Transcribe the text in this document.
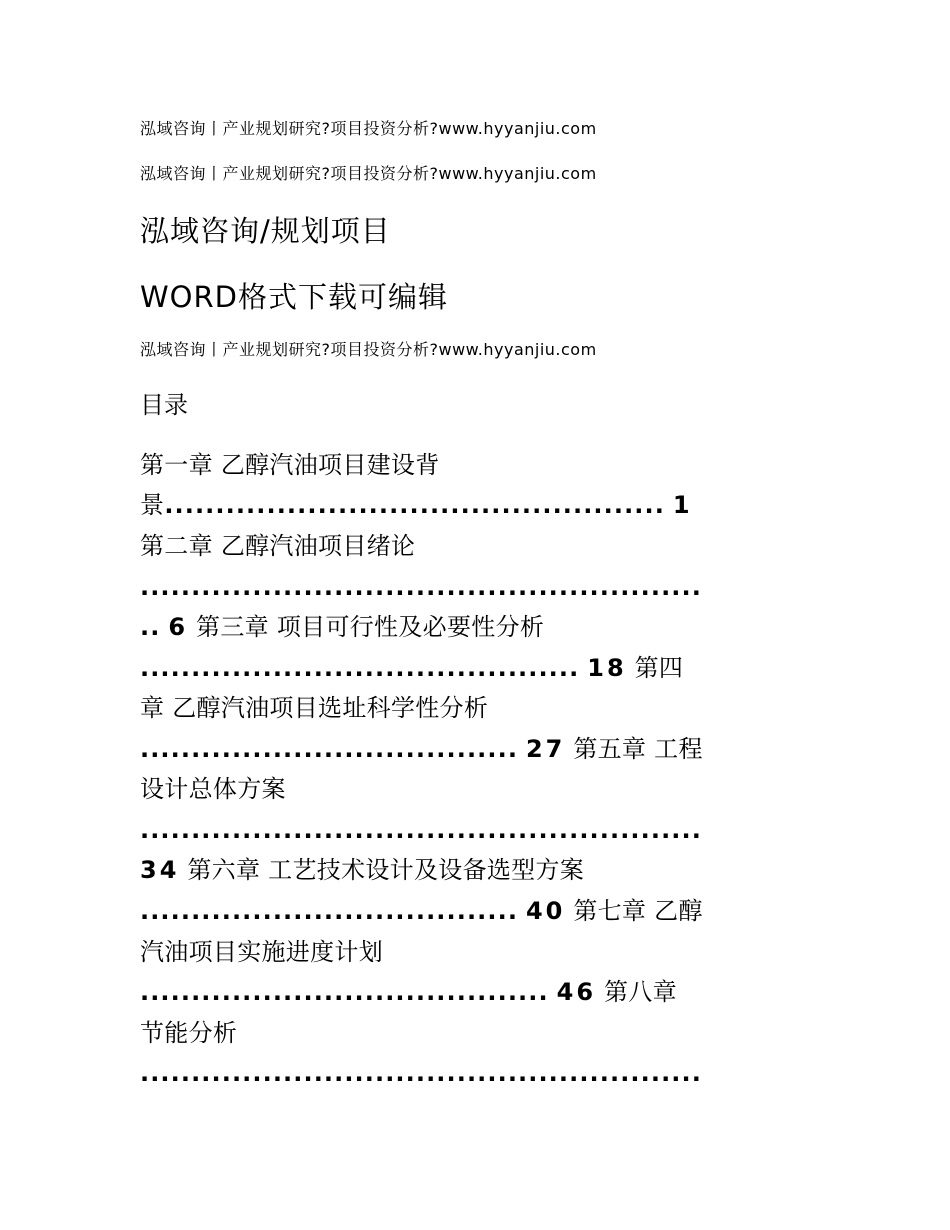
泓域咨询丨产业规划研究?项目投资分析?www.hyyanjiu.com
泓域咨询丨产业规划研究?项目投资分析?www.hyyanjiu.com
泓域咨询/规划项目
WORD格式下载可编辑
泓域咨询丨产业规划研究?项目投资分析?www.hyyanjiu.com
目录
第一章 乙醇汽油项目建设背
景................................................. 1
第二章 乙醇汽油项目绪论
.......................................................
.. 6 第三章 项目可行性及必要性分析
........................................... 18 第四
章 乙醇汽油项目选址科学性分析
..................................... 27 第五章 工程
设计总体方案
.......................................................
34 第六章 工艺技术设计及设备选型方案
..................................... 40 第七章 乙醇
汽油项目实施进度计划
........................................ 46 第八章
节能分析
.......................................................
